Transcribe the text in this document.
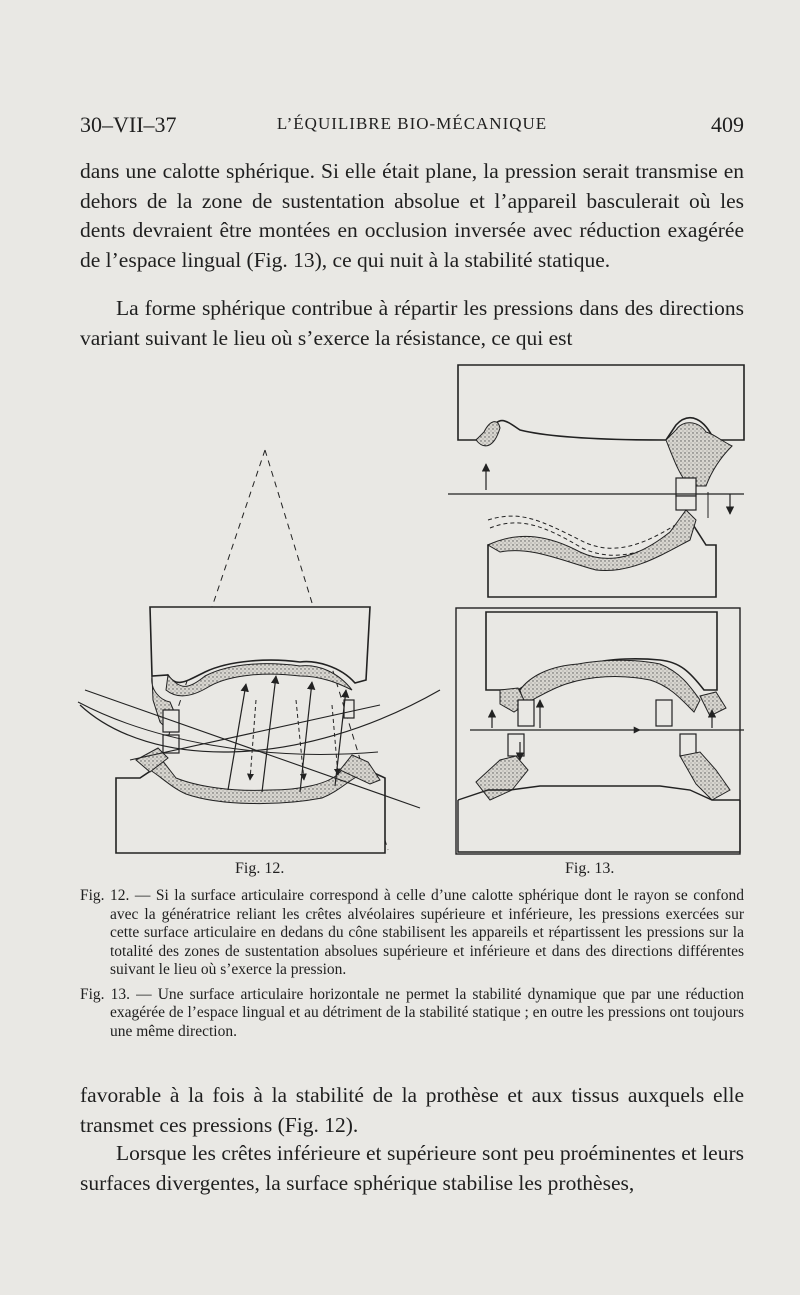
30–VII–37	L’ÉQUILIBRE BIO-MÉCANIQUE	409
dans une calotte sphérique. Si elle était plane, la pression serait transmise en dehors de la zone de sustentation absolue et l’appareil basculerait où les dents devraient être montées en occlusion inversée avec réduction exagérée de l’espace lingual (Fig. 13), ce qui nuit à la stabilité statique.
La forme sphérique contribue à répartir les pressions dans des directions variant suivant le lieu où s’exerce la résistance, ce qui est
Fig. 12.	Fig. 13.

Fig. 12. — Si la surface articulaire correspond à celle d’une calotte sphérique dont le rayon se confond avec la génératrice reliant les crêtes alvéolaires supérieure et inférieure, les pressions exercées sur cette surface articulaire en dedans du cône stabilisent les appareils et répartissent les pressions sur la totalité des zones de sustentation absolues supérieure et inférieure et dans des directions différentes suivant le lieu où s’exerce la pression.

Fig. 13. — Une surface articulaire horizontale ne permet la stabilité dynamique que par une réduction exagérée de l’espace lingual et au détriment de la stabilité statique ; en outre les pressions ont toujours une même direction.

favorable à la fois à la stabilité de la prothèse et aux tissus auxquels elle transmet ces pressions (Fig. 12).
Lorsque les crêtes inférieure et supérieure sont peu proéminentes et leurs surfaces divergentes, la surface sphérique stabilise les prothèses,
